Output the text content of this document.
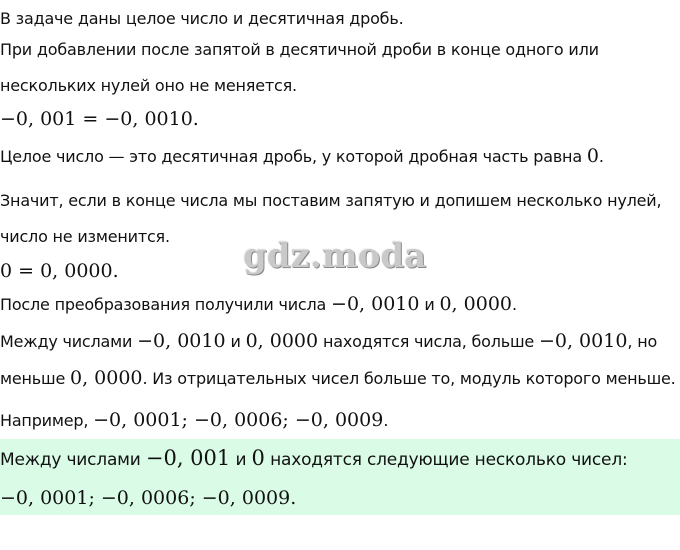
В задаче даны целое число и десятичная дробь.
При добавлении после запятой в десятичной дроби в конце одного или
нескольких нулей оно не меняется.
−0, 001 = −0, 0010.
Целое число — это десятичная дробь, у которой дробная часть равна 0.
Значит, если в конце числа мы поставим запятую и допишем несколько нулей,
число не изменится.
0 = 0, 0000.
После преобразования получили числа −0, 0010 и 0, 0000.
Между числами −0, 0010 и 0, 0000 находятся числа, больше −0, 0010, но
меньше 0, 0000. Из отрицательных чисел больше то, модуль которого меньше.
Например, −0, 0001; −0, 0006; −0, 0009.
Между числами −0, 001 и 0 находятся следующие несколько чисел:
−0, 0001; −0, 0006; −0, 0009.
gdz.moda
